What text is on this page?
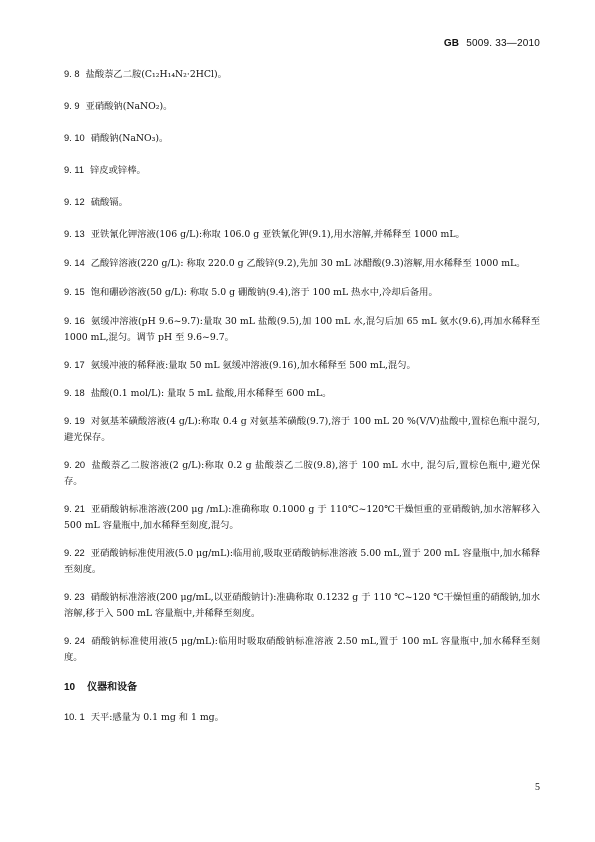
GB 5009. 33—2010

9. 8 盐酸萘乙二胺(C₁₂H₁₄N₂·2HCl)。

9. 9 亚硝酸钠(NaNO₂)。

9. 10 硝酸钠(NaNO₃)。

9. 11 锌皮或锌棒。

9. 12 硫酸镉。

9. 13 亚铁氰化钾溶液(106 g/L):称取 106.0 g 亚铁氰化钾(9.1),用水溶解,并稀释至 1000 mL。

9. 14 乙酸锌溶液(220 g/L): 称取 220.0 g 乙酸锌(9.2),先加 30 mL 冰醋酸(9.3)溶解,用水稀释至 1000 mL。

9. 15 饱和硼砂溶液(50 g/L): 称取 5.0 g 硼酸钠(9.4),溶于 100 mL 热水中,冷却后备用。

9. 16 氨缓冲溶液(pH 9.6~9.7):量取 30 mL 盐酸(9.5),加 100 mL 水,混匀后加 65 mL 氨水(9.6),再加水稀释至 1000 mL,混匀。调节 pH 至 9.6~9.7。

9. 17 氨缓冲液的稀释液:量取 50 mL 氨缓冲溶液(9.16),加水稀释至 500 mL,混匀。

9. 18 盐酸(0.1 mol/L): 量取 5 mL 盐酸,用水稀释至 600 mL。

9. 19 对氨基苯磺酸溶液(4 g/L):称取 0.4 g 对氨基苯磺酸(9.7),溶于 100 mL 20 %(V/V)盐酸中,置棕色瓶中混匀,避光保存。

9. 20 盐酸萘乙二胺溶液(2 g/L):称取 0.2 g 盐酸萘乙二胺(9.8),溶于 100 mL 水中, 混匀后,置棕色瓶中,避光保存。

9. 21 亚硝酸钠标准溶液(200 μg /mL):准确称取 0.1000 g 于 110℃~120℃干燥恒重的亚硝酸钠,加水溶解移入 500 mL 容量瓶中,加水稀释至刻度,混匀。

9. 22 亚硝酸钠标准使用液(5.0 μg/mL):临用前,吸取亚硝酸钠标准溶液 5.00 mL,置于 200 mL 容量瓶中,加水稀释至刻度。

9. 23 硝酸钠标准溶液(200 μg/mL,以亚硝酸钠计):准确称取 0.1232 g 于 110 ℃~120 ℃干燥恒重的硝酸钠,加水溶解,移于入 500 mL 容量瓶中,并稀释至刻度。

9. 24 硝酸钠标准使用液(5 μg/mL):临用时吸取硝酸钠标准溶液 2.50 mL,置于 100 mL 容量瓶中,加水稀释至刻度。

10 仪器和设备

10. 1 天平:感量为 0.1 mg 和 1 mg。

5
